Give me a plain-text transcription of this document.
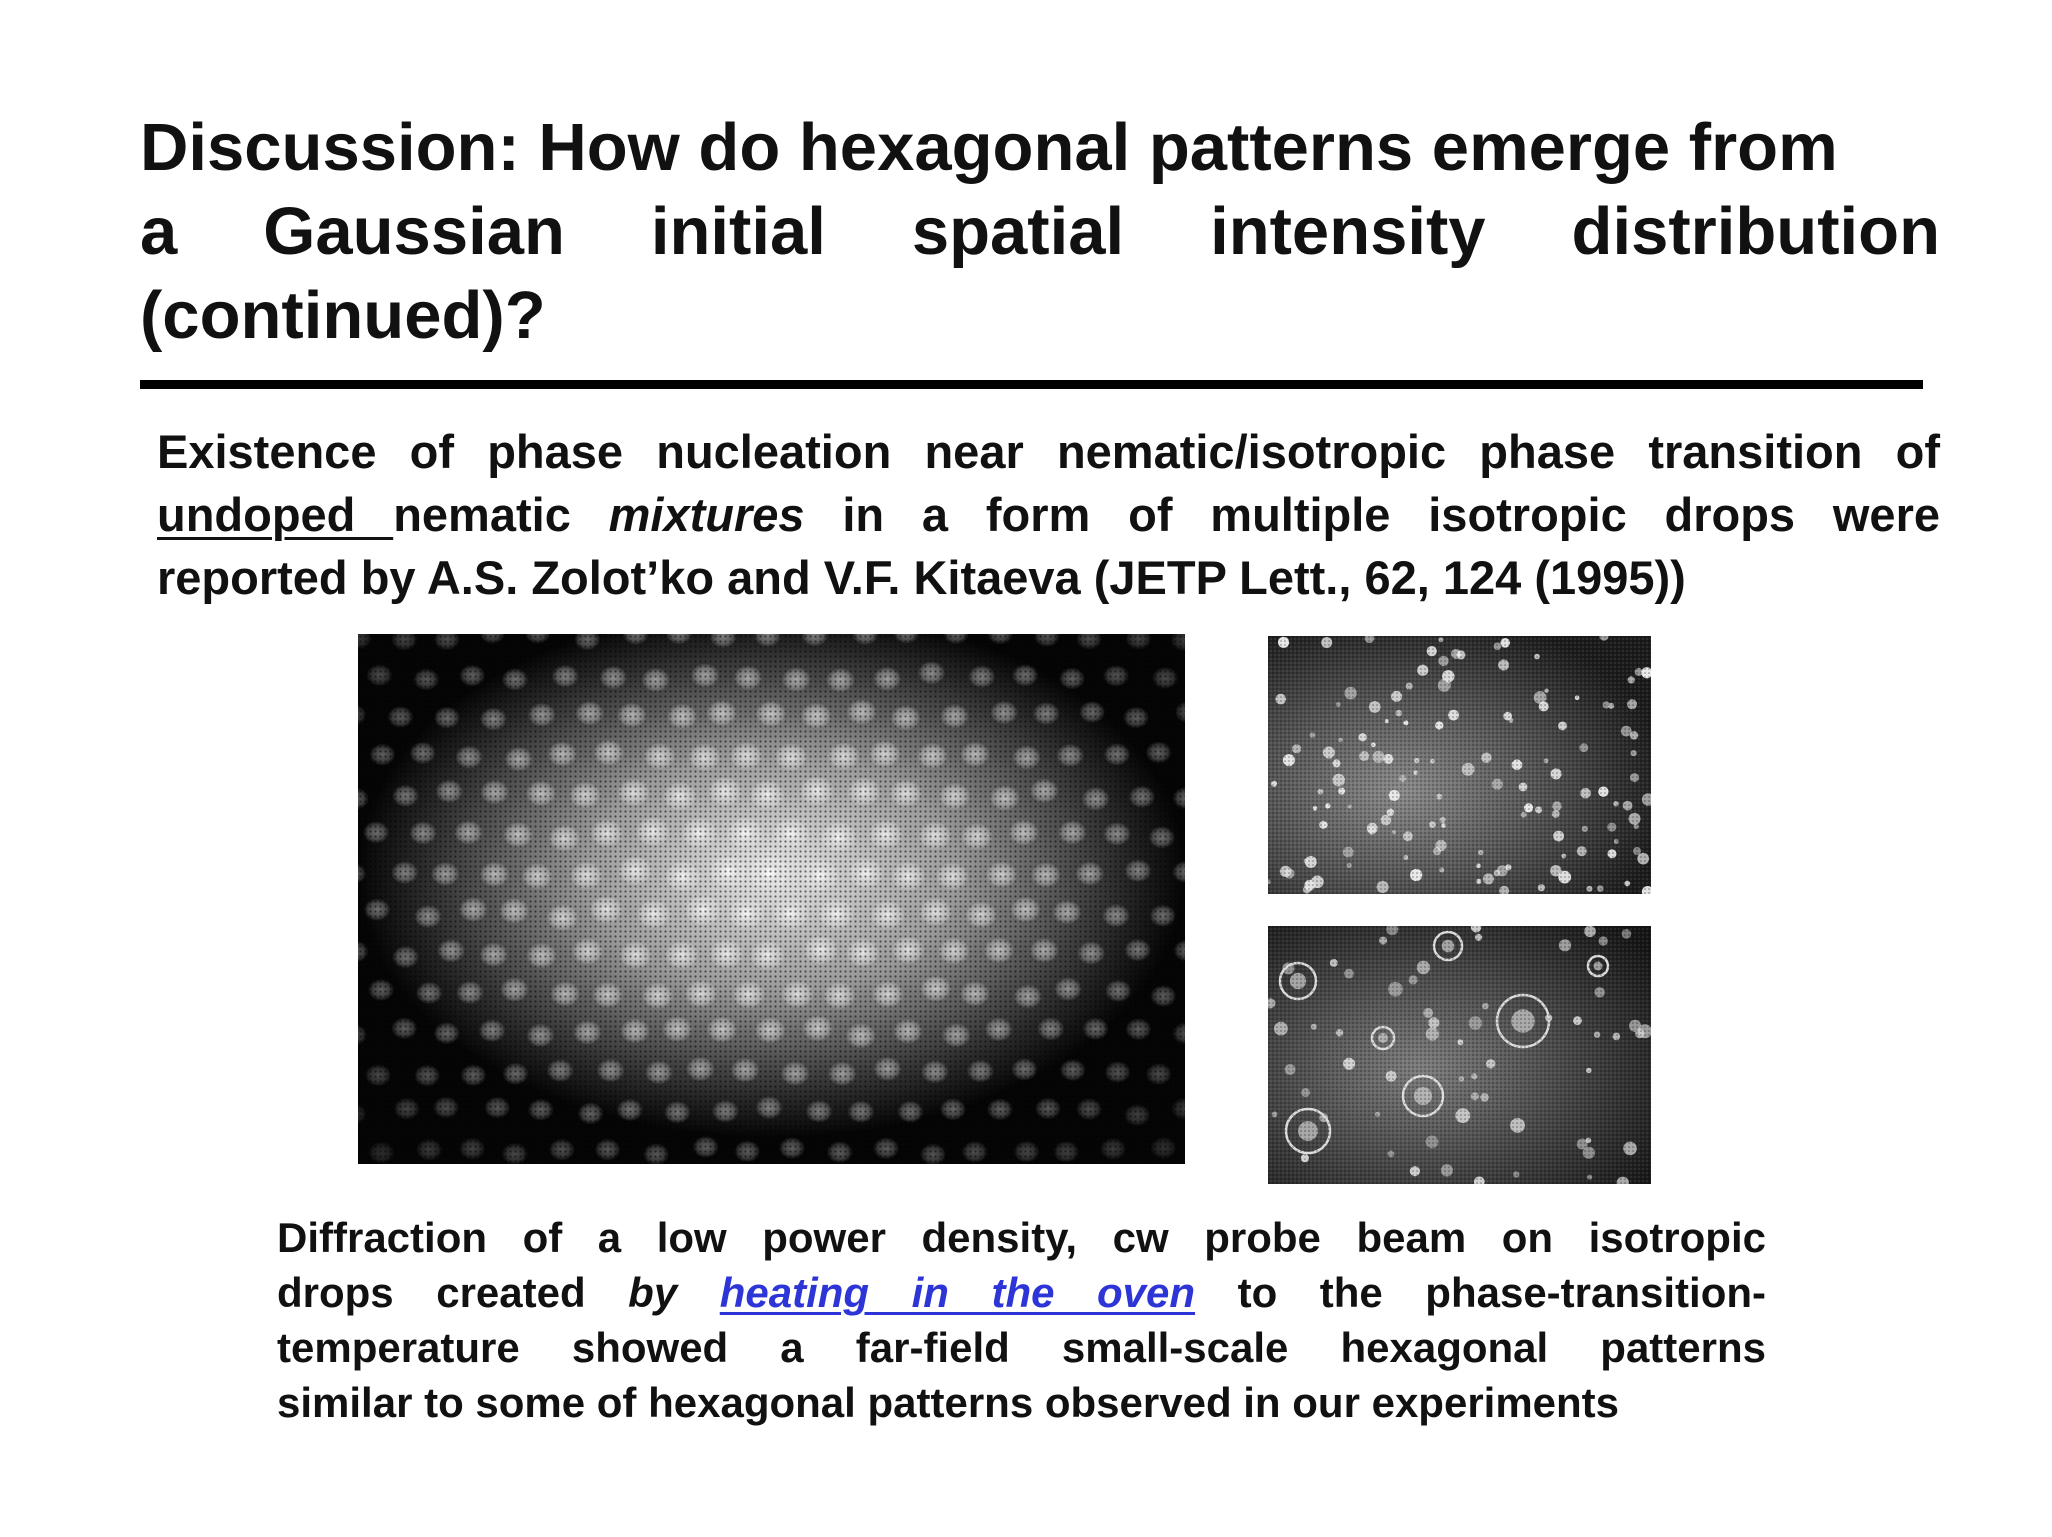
Discussion: How do hexagonal patterns emerge from
a Gaussian initial spatial intensity distribution
(continued)?
Existence of phase nucleation near nematic/isotropic phase transition of
undoped nematic mixtures in a form of multiple isotropic drops were
reported by A.S. Zolot’ko and V.F. Kitaeva (JETP Lett., 62, 124 (1995))
Diffraction of a low power density, cw probe beam on isotropic
drops created by heating in the oven to the phase-transition-
temperature showed a far-field small-scale hexagonal patterns
similar to some of hexagonal patterns observed in our experiments
